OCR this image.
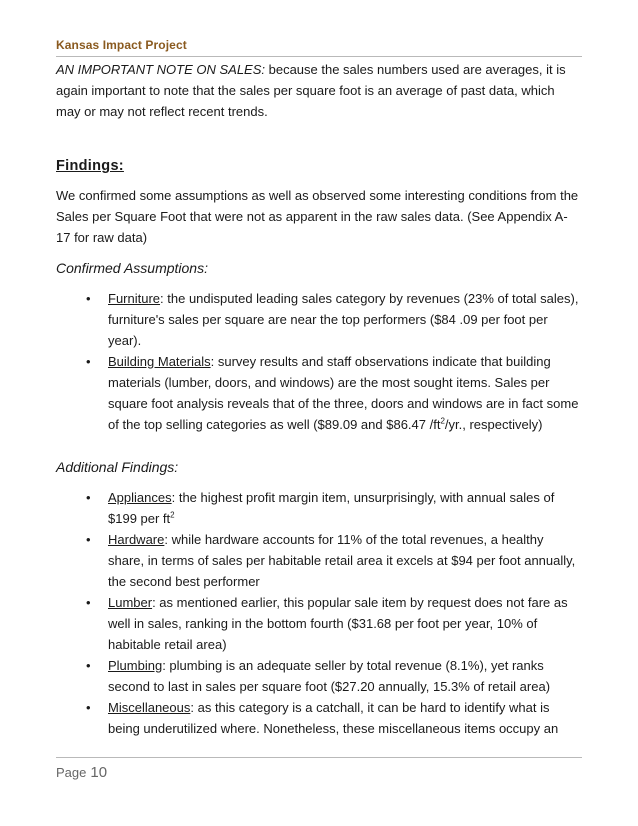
Kansas Impact Project

AN IMPORTANT NOTE ON SALES: because the sales numbers used are averages, it is again important to note that the sales per square foot is an average of past data, which may or may not reflect recent trends.

Findings:

We confirmed some assumptions as well as observed some interesting conditions from the Sales per Square Foot that were not as apparent in the raw sales data. (See Appendix A-17 for raw data)

Confirmed Assumptions:
• Furniture: the undisputed leading sales category by revenues (23% of total sales), furniture's sales per square are near the top performers ($84 .09 per foot per year).
• Building Materials: survey results and staff observations indicate that building materials (lumber, doors, and windows) are the most sought items. Sales per square foot analysis reveals that of the three, doors and windows are in fact some of the top selling categories as well ($89.09 and $86.47 $/ft^2/yr$., respectively)
Additional Findings:
• Appliances: the highest profit margin item, unsurprisingly, with annual sales of $199 per $ft^2$
• Hardware: while hardware accounts for 11% of the total revenues, a healthy share, in terms of sales per habitable retail area it excels at $94 per foot annually, the second best performer
• Lumber: as mentioned earlier, this popular sale item by request does not fare as well in sales, ranking in the bottom fourth ($31.68 per foot per year, 10% of habitable retail area)
• Plumbing: plumbing is an adequate seller by total revenue (8.1%), yet ranks second to last in sales per square foot ($27.20 annually, 15.3% of retail area)
• Miscellaneous: as this category is a catchall, it can be hard to identify what is being underutilized where. Nonetheless, these miscellaneous items occupy an
Page 10
